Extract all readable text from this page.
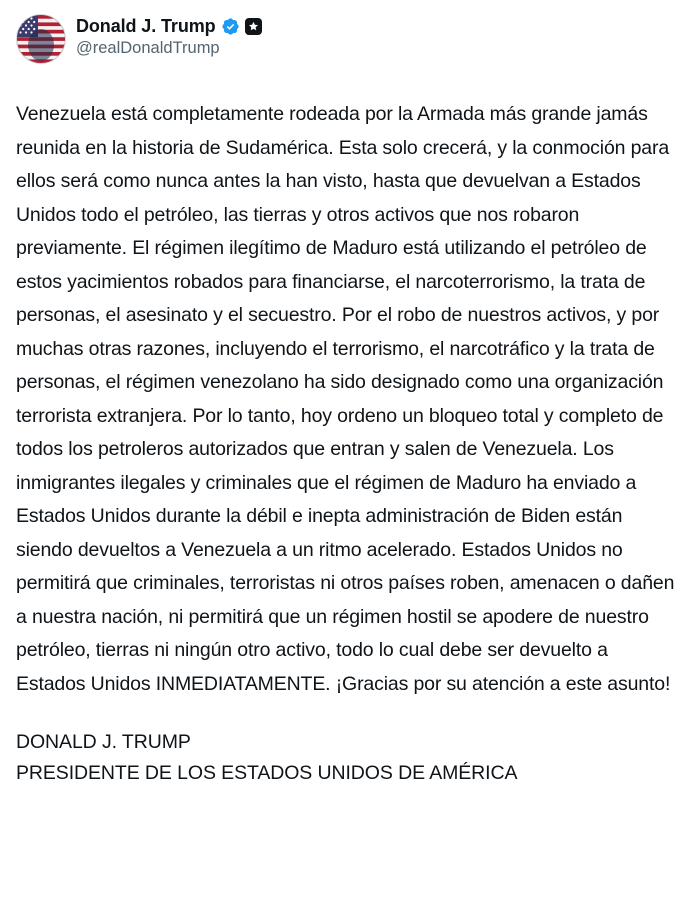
Donald J. Trump
@realDonaldTrump
Venezuela está completamente rodeada por la Armada más grande jamás reunida en la historia de Sudamérica. Esta solo crecerá, y la conmoción para ellos será como nunca antes la han visto, hasta que devuelvan a Estados Unidos todo el petróleo, las tierras y otros activos que nos robaron previamente. El régimen ilegítimo de Maduro está utilizando el petróleo de estos yacimientos robados para financiarse, el narcoterrorismo, la trata de personas, el asesinato y el secuestro. Por el robo de nuestros activos, y por muchas otras razones, incluyendo el terrorismo, el narcotráfico y la trata de personas, el régimen venezolano ha sido designado como una organización terrorista extranjera. Por lo tanto, hoy ordeno un bloqueo total y completo de todos los petroleros autorizados que entran y salen de Venezuela. Los inmigrantes ilegales y criminales que el régimen de Maduro ha enviado a Estados Unidos durante la débil e inepta administración de Biden están siendo devueltos a Venezuela a un ritmo acelerado. Estados Unidos no permitirá que criminales, terroristas ni otros países roben, amenacen o dañen a nuestra nación, ni permitirá que un régimen hostil se apodere de nuestro petróleo, tierras ni ningún otro activo, todo lo cual debe ser devuelto a Estados Unidos INMEDIATAMENTE. ¡Gracias por su atención a este asunto!
DONALD J. TRUMP
PRESIDENTE DE LOS ESTADOS UNIDOS DE AMÉRICA
